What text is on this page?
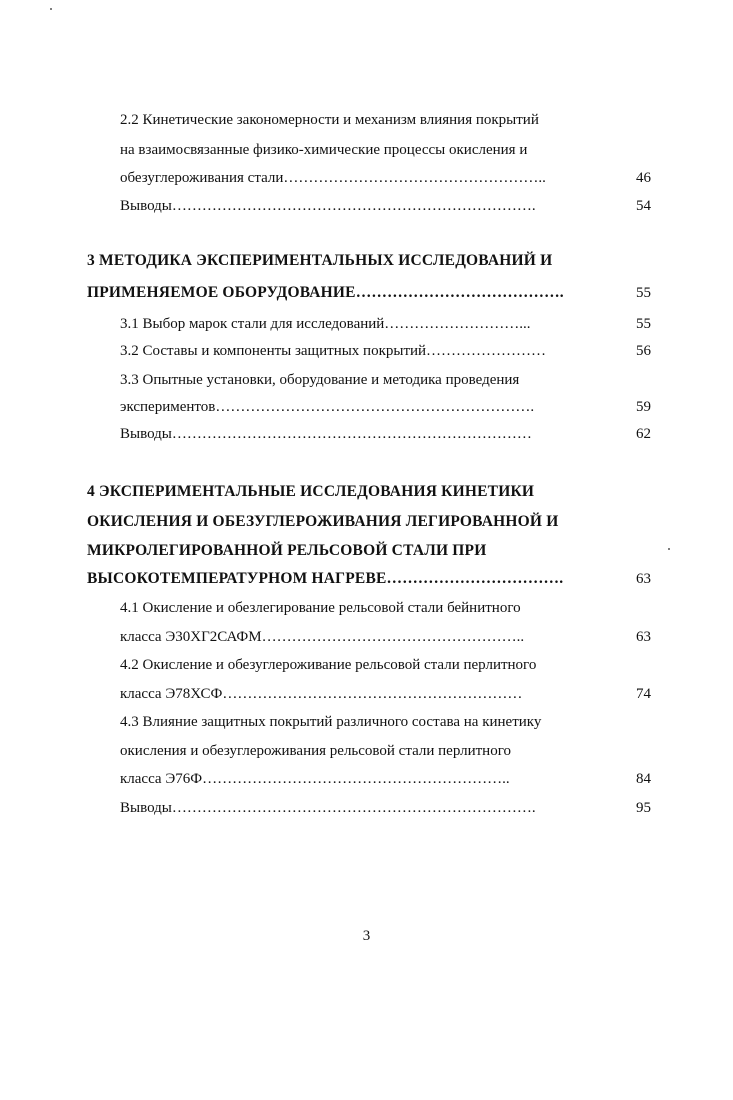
2.2 Кинетические закономерности и механизм влияния покрытий
на взаимосвязанные физико-химические процессы окисления и
обезуглероживания стали……………………………………………..	46
Выводы……………………………………………………………….	54
3 МЕТОДИКА ЭКСПЕРИМЕНТАЛЬНЫХ ИССЛЕДОВАНИЙ И
ПРИМЕНЯЕМОЕ ОБОРУДОВАНИЕ………………………………….	55
3.1 Выбор марок стали для исследований………………………...	55
3.2 Составы и компоненты защитных покрытий……………………	56
3.3 Опытные установки, оборудование и методика проведения
экспериментов……………………………………………………….	59
Выводы………………………………………………………………	62
4 ЭКСПЕРИМЕНТАЛЬНЫЕ ИССЛЕДОВАНИЯ КИНЕТИКИ
ОКИСЛЕНИЯ И ОБЕЗУГЛЕРОЖИВАНИЯ ЛЕГИРОВАННОЙ И
МИКРОЛЕГИРОВАННОЙ РЕЛЬСОВОЙ СТАЛИ ПРИ
ВЫСОКОТЕМПЕРАТУРНОМ НАГРЕВЕ…………………………….	63
4.1 Окисление и обезлегирование рельсовой стали бейнитного
класса Э30ХГ2САФМ……………………………………………..	63
4.2 Окисление и обезуглероживание рельсовой стали перлитного
класса Э78ХСФ……………………………………………………	74
4.3 Влияние защитных покрытий различного состава на кинетику
окисления и обезуглероживания рельсовой стали перлитного
класса Э76Ф……………………………………………………..	84
Выводы……………………………………………………………….	95
3
